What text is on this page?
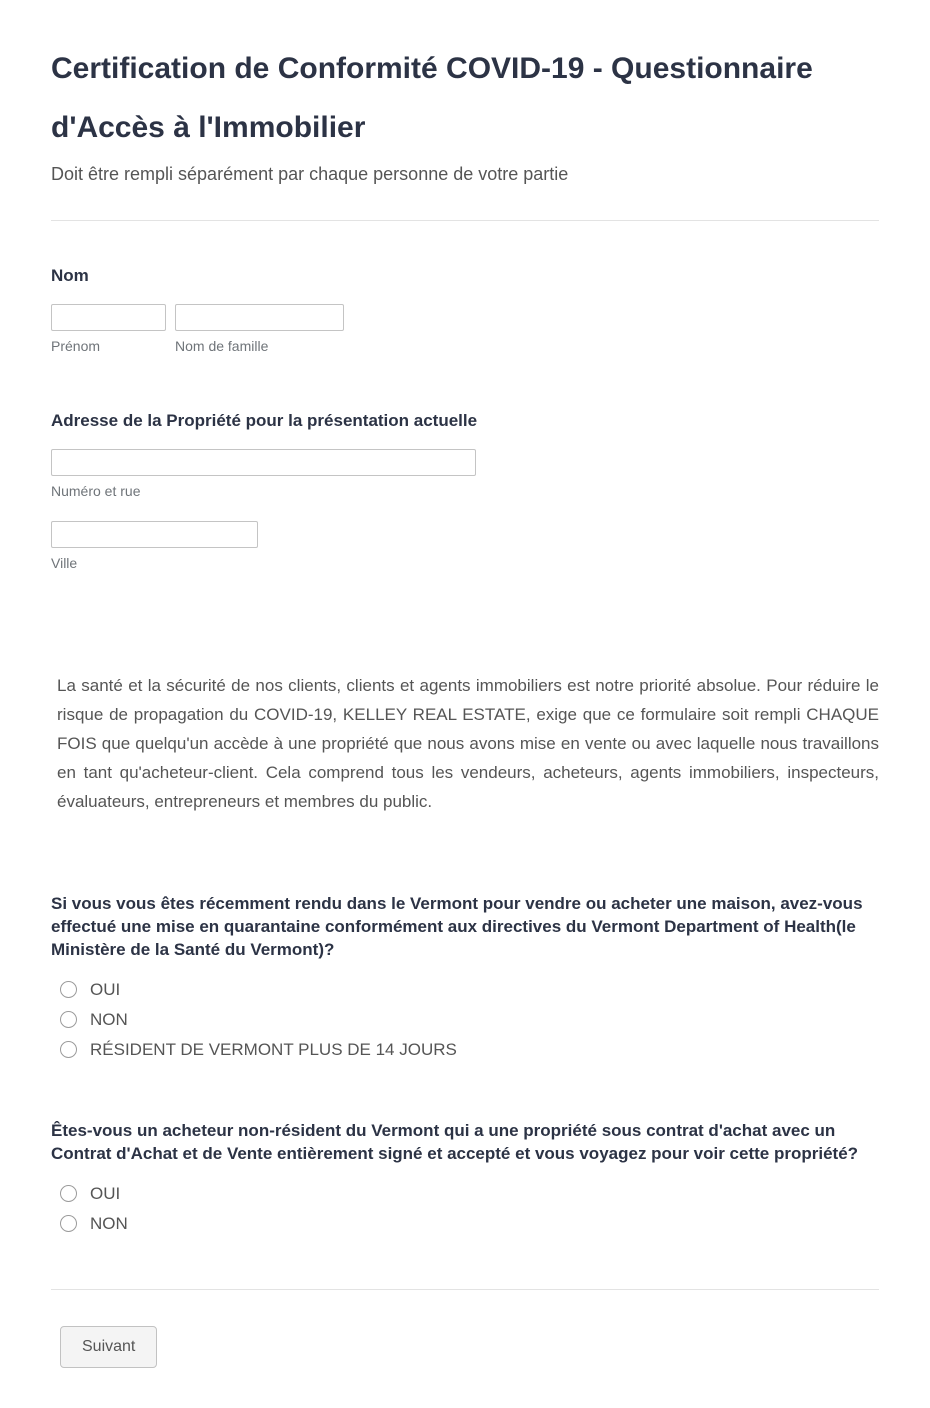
Certification de Conformité COVID-19 - Questionnaire d'Accès à l'Immobilier
Doit être rempli séparément par chaque personne de votre partie
Nom
Prénom	Nom de famille
Adresse de la Propriété pour la présentation actuelle
Numéro et rue
Ville
La santé et la sécurité de nos clients, clients et agents immobiliers est notre priorité absolue. Pour réduire le risque de propagation du COVID-19, KELLEY REAL ESTATE, exige que ce formulaire soit rempli CHAQUE FOIS que quelqu'un accède à une propriété que nous avons mise en vente ou avec laquelle nous travaillons en tant qu'acheteur-client. Cela comprend tous les vendeurs, acheteurs, agents immobiliers, inspecteurs, évaluateurs, entrepreneurs et membres du public.
Si vous vous êtes récemment rendu dans le Vermont pour vendre ou acheter une maison, avez-vous effectué une mise en quarantaine conformément aux directives du Vermont Department of Health(le Ministère de la Santé du Vermont)?
OUI
NON
RÉSIDENT DE VERMONT PLUS DE 14 JOURS
Êtes-vous un acheteur non-résident du Vermont qui a une propriété sous contrat d'achat avec un Contrat d'Achat et de Vente entièrement signé et accepté et vous voyagez pour voir cette propriété?
OUI
NON
Suivant
